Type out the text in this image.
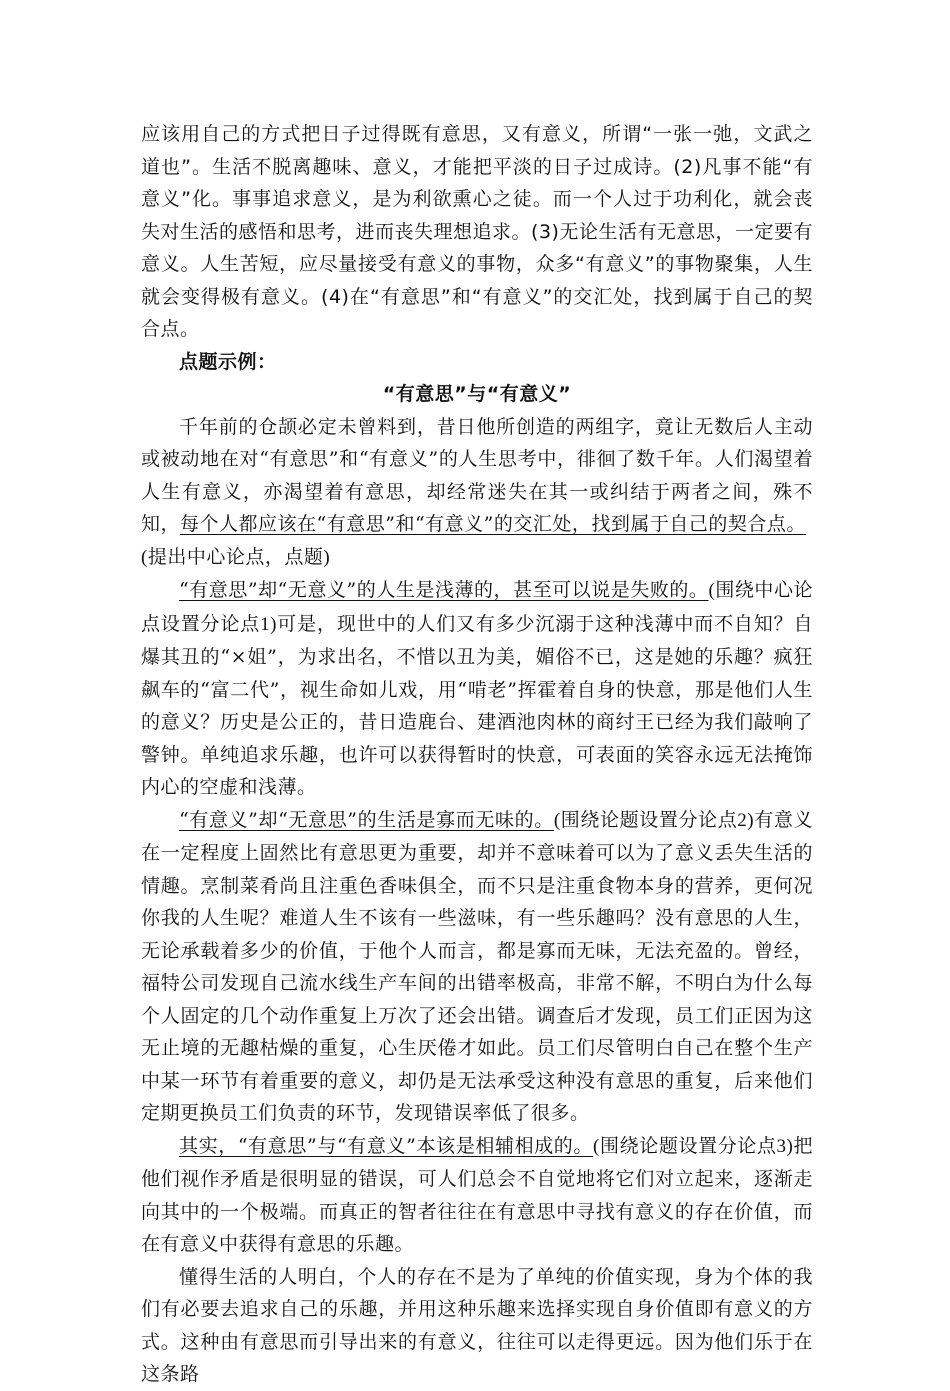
应该用自己的方式把日子过得既有意思，又有意义，所谓“一张一弛，文武之道也”。生活不脱离趣味、意义，才能把平淡的日子过成诗。(2)凡事不能“有意义”化。事事追求意义，是为利欲熏心之徒。而一个人过于功利化，就会丧失对生活的感悟和思考，进而丧失理想追求。(3)无论生活有无意思，一定要有意义。人生苦短，应尽量接受有意义的事物，众多“有意义”的事物聚集，人生就会变得极有意义。(4)在“有意思”和“有意义”的交汇处，找到属于自己的契合点。

点题示例：

“有意思”与“有意义”

千年前的仓颉必定未曾料到，昔日他所创造的两组字，竟让无数后人主动或被动地在对“有意思”和“有意义”的人生思考中，徘徊了数千年。人们渴望着人生有意义，亦渴望着有意思，却经常迷失在其一或纠结于两者之间，殊不知，每个人都应该在“有意思”和“有意义”的交汇处，找到属于自己的契合点。
(提出中心论点，点题)

“有意思”却“无意义”的人生是浅薄的，甚至可以说是失败的。(围绕中心论点设置分论点1)可是，现世中的人们又有多少沉溺于这种浅薄中而不自知？自爆其丑的“×姐”，为求出名，不惜以丑为美，媚俗不已，这是她的乐趣？疯狂飙车的“富二代”，视生命如儿戏，用“啃老”挥霍着自身的快意，那是他们人生的意义？历史是公正的，昔日造鹿台、建酒池肉林的商纣王已经为我们敲响了警钟。单纯追求乐趣，也许可以获得暂时的快意，可表面的笑容永远无法掩饰内心的空虚和浅薄。

“有意义”却“无意思”的生活是寡而无味的。(围绕论题设置分论点2)有意义在一定程度上固然比有意思更为重要，却并不意味着可以为了意义丢失生活的情趣。烹制菜肴尚且注重色香味俱全，而不只是注重食物本身的营养，更何况你我的人生呢？难道人生不该有一些滋味，有一些乐趣吗？没有意思的人生，无论承载着多少的价值，于他个人而言，都是寡而无味，无法充盈的。曾经，福特公司发现自己流水线生产车间的出错率极高，非常不解，不明白为什么每个人固定的几个动作重复上万次了还会出错。调查后才发现，员工们正因为这无止境的无趣枯燥的重复，心生厌倦才如此。员工们尽管明白自己在整个生产中某一环节有着重要的意义，却仍是无法承受这种没有意思的重复，后来他们定期更换员工们负责的环节，发现错误率低了很多。

其实，“有意思”与“有意义”本该是相辅相成的。(围绕论题设置分论点3)把他们视作矛盾是很明显的错误，可人们总会不自觉地将它们对立起来，逐渐走向其中的一个极端。而真正的智者往往在有意思中寻找有意义的存在价值，而在有意义中获得有意思的乐趣。

懂得生活的人明白，个人的存在不是为了单纯的价值实现，身为个体的我们有必要去追求自己的乐趣，并用这种乐趣来选择实现自身价值即有意义的方式。这种由有意思而引导出来的有意义，往往可以走得更远。因为他们乐于在这条路
